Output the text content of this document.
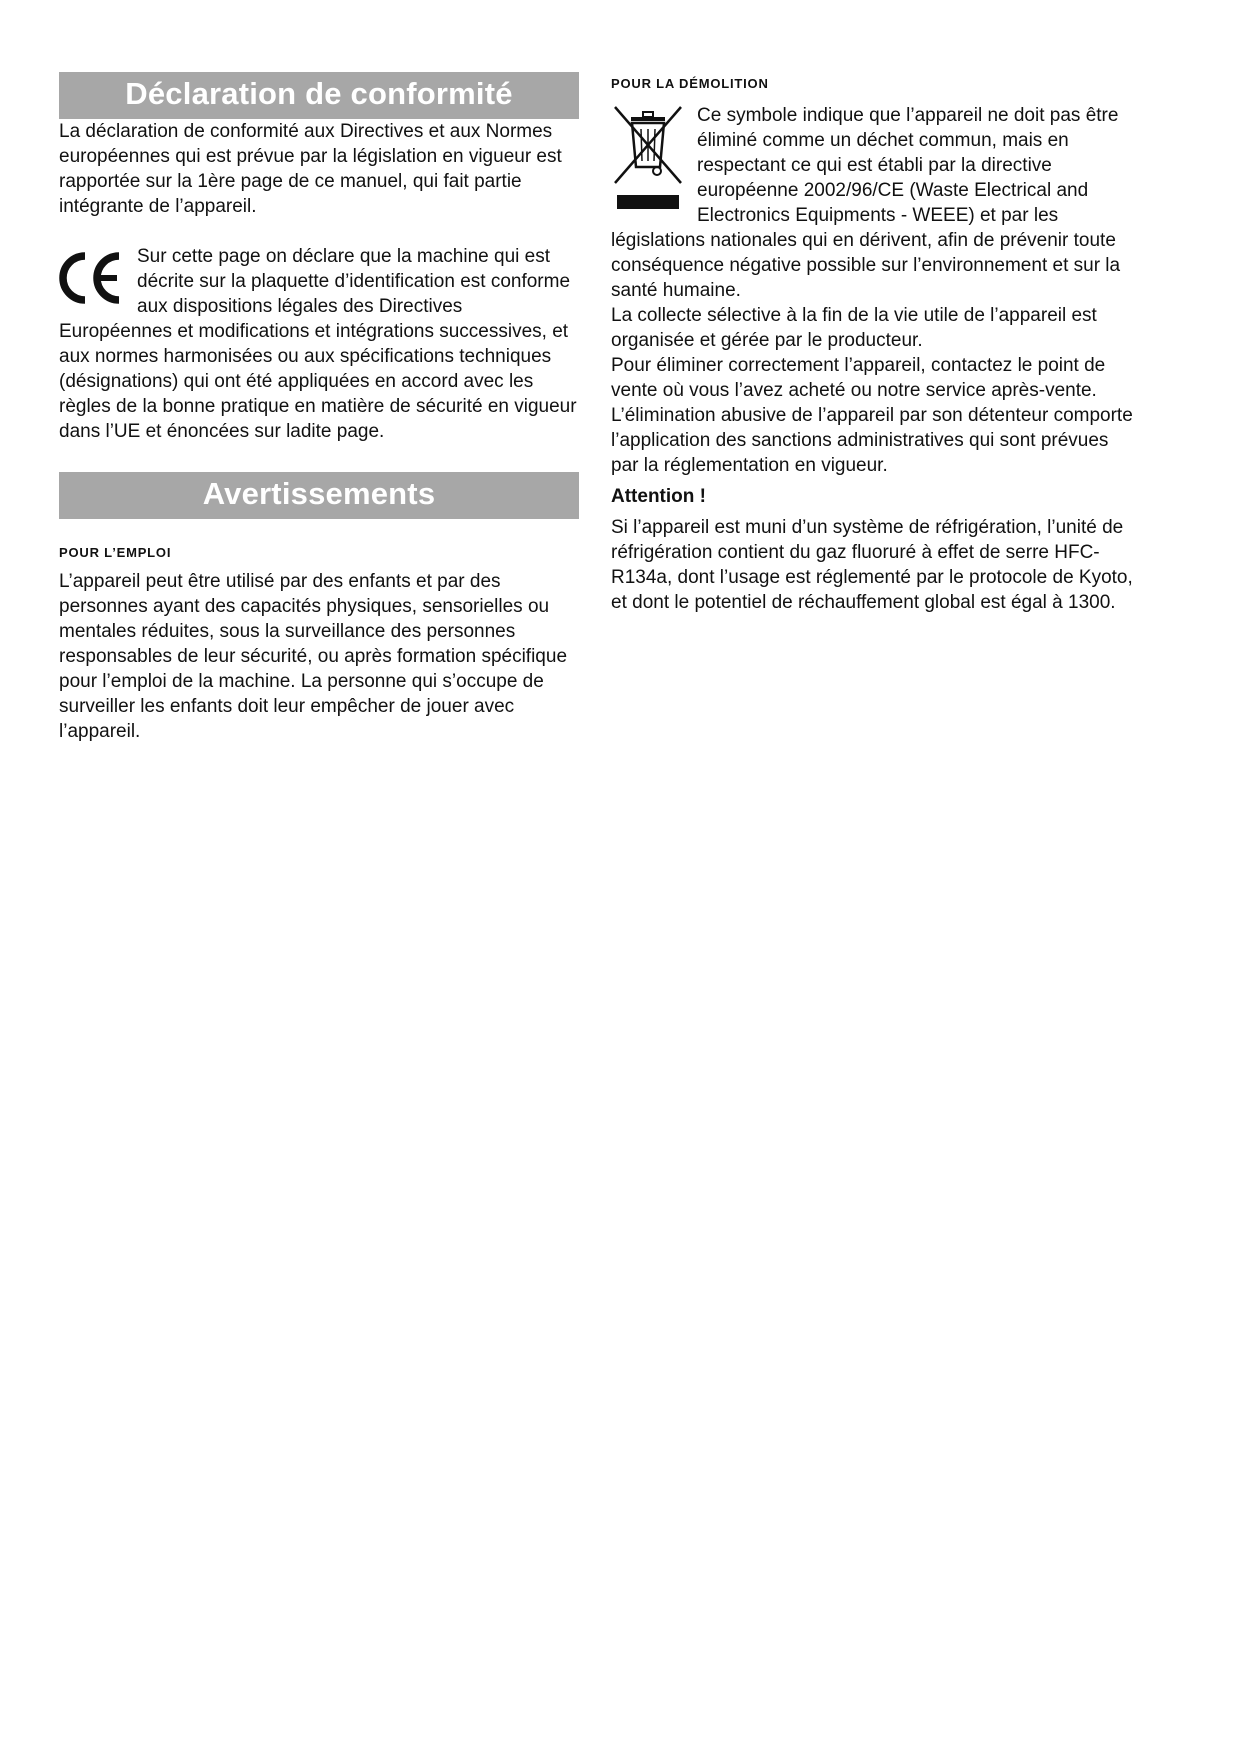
Déclaration de conformité

La déclaration de conformité aux Directives et aux Normes européennes qui est prévue par la législation en vigueur est rapportée sur la 1ère page de ce manuel, qui fait partie intégrante de l’appareil.

Sur cette page on déclare que la machine qui est décrite sur la plaquette d’identification est conforme aux dispositions légales des Directives Européennes et modifications et intégrations successives, et aux normes harmonisées ou aux spécifications techniques (désignations) qui ont été appliquées en accord avec les règles de la bonne pratique en matière de sécurité en vigueur dans l’UE et énoncées sur ladite page.

Avertissements

POUR L’EMPLOI

L’appareil peut être utilisé par des enfants et par des personnes ayant des capacités physiques, sensorielles ou mentales réduites, sous la surveillance des personnes responsables de leur sécurité, ou après formation spécifique pour l’emploi de la machine. La personne qui s’occupe de surveiller les enfants doit leur empêcher de jouer avec l’appareil.

POUR LA DÉMOLITION

Ce symbole indique que l’appareil ne doit pas être éliminé comme un déchet commun, mais en respectant ce qui est établi par la directive européenne 2002/96/CE (Waste Electrical and Electronics Equipments - WEEE) et par les législations nationales qui en dérivent, afin de prévenir toute conséquence négative possible sur l’environnement et sur la santé humaine.

La collecte sélective à la fin de la vie utile de l’appareil est organisée et gérée par le producteur.

Pour éliminer correctement l’appareil, contactez le point de vente où vous l’avez acheté ou notre service après-vente.

L’élimination abusive de l’appareil par son détenteur comporte l’application des sanctions administratives qui sont prévues par la réglementation en vigueur.

Attention !

Si l’appareil est muni d’un système de réfrigération, l’unité de réfrigération contient du gaz fluoruré à effet de serre HFC-R134a, dont l’usage est réglementé par le protocole de Kyoto, et dont le potentiel de réchauffement global est égal à 1300.
